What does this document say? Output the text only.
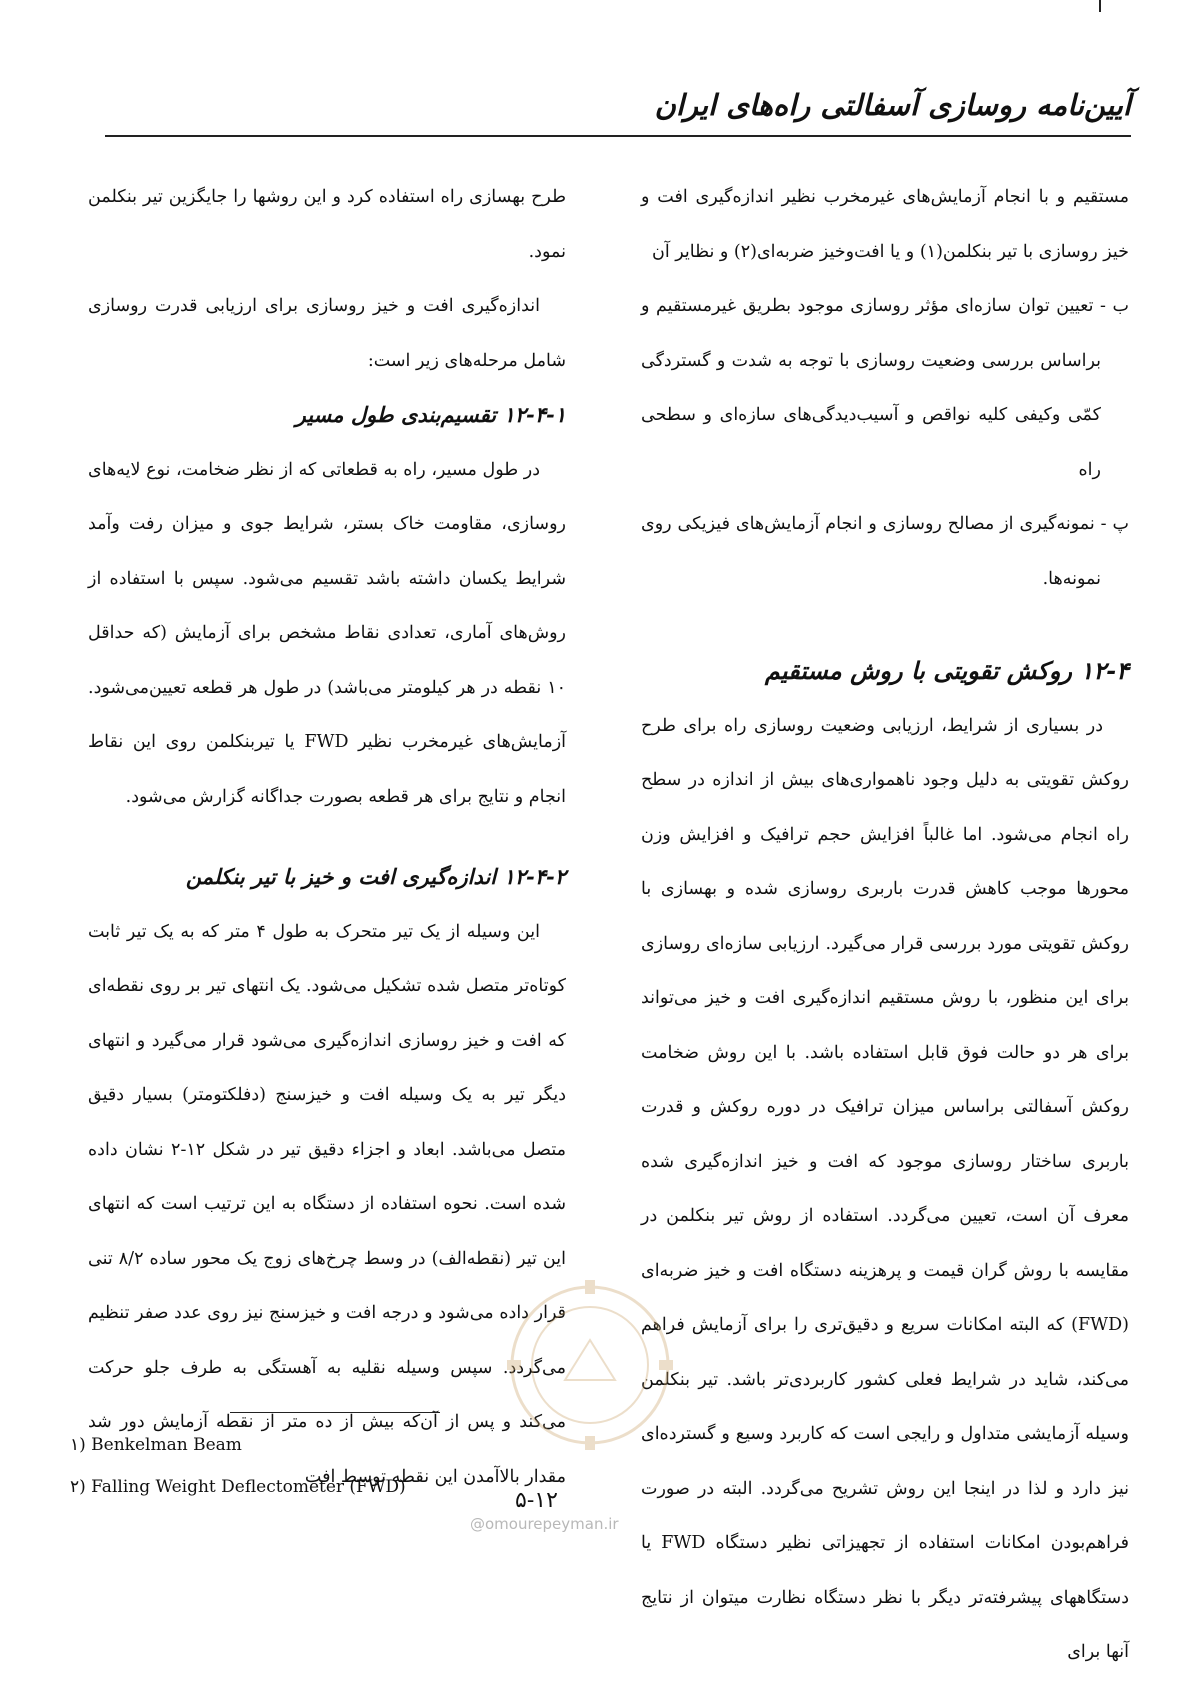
آیین‌نامه روسازی آسفالتی راه‌های ایران

مستقیم و با انجام آزمایش‌های غیرمخرب نظیر اندازه‌گیری افت و خیز روسازی با تیر بنکلمن(۱) و یا افت‌وخیز ضربه‌ای(۲) و نظایر آن

ب - تعیین توان سازه‌ای مؤثر روسازی موجود بطریق غیرمستقیم و براساس بررسی وضعیت روسازی با توجه به شدت و گستردگی کمّی وکیفی کلیه نواقص و آسیب‌دیدگی‌های سازه‌ای و سطحی راه

پ - نمونه‌گیری از مصالح روسازی و انجام آزمایش‌های فیزیکی روی نمونه‌ها.

۱۲-۴ روکش تقویتی با روش مستقیم

در بسیاری از شرایط، ارزیابی وضعیت روسازی راه برای طرح روکش تقویتی به دلیل وجود ناهمواری‌های بیش از اندازه در سطح راه انجام می‌شود. اما غالباً افزایش حجم ترافیک و افزایش وزن محورها موجب کاهش قدرت باربری روسازی شده و بهسازی با روکش تقویتی مورد بررسی قرار می‌گیرد. ارزیابی سازه‌ای روسازی برای این منظور، با روش مستقیم اندازه‌گیری افت و خیز می‌تواند برای هر دو حالت فوق قابل استفاده باشد. با این روش ضخامت روکش آسفالتی براساس میزان ترافیک در دوره روکش و قدرت باربری ساختار روسازی موجود که افت و خیز اندازه‌گیری شده معرف آن است، تعیین می‌گردد. استفاده از روش تیر بنکلمن در مقایسه با روش گران قیمت و پرهزینه دستگاه افت و خیز ضربه‌ای (FWD) که البته امکانات سریع و دقیق‌تری را برای آزمایش فراهم می‌کند، شاید در شرایط فعلی کشور کاربردی‌تر باشد. تیر بنکلمن وسیله آزمایشی متداول و رایجی است که کاربرد وسیع و گسترده‌ای نیز دارد و لذا در اینجا این روش تشریح می‌گردد. البته در صورت فراهم‌بودن امکانات استفاده از تجهیزاتی نظیر دستگاه FWD یا دستگاههای پیشرفته‌تر دیگر با نظر دستگاه نظارت میتوان از نتایج آنها برای

طرح بهسازی راه استفاده کرد و این روشها را جایگزین تیر بنکلمن نمود.

اندازه‌گیری افت و خیز روسازی برای ارزیابی قدرت روسازی شامل مرحله‌های زیر است:

۱۲-۴-۱ تقسیم‌بندی طول مسیر

در طول مسیر، راه به قطعاتی که از نظر ضخامت، نوع لایه‌های روسازی، مقاومت خاک بستر، شرایط جوی و میزان رفت وآمد شرایط یکسان داشته باشد تقسیم می‌شود. سپس با استفاده از روش‌های آماری، تعدادی نقاط مشخص برای آزمایش (که حداقل ۱۰ نقطه در هر کیلومتر می‌باشد) در طول هر قطعه تعیین‌می‌شود. آزمایش‌های غیرمخرب نظیر FWD یا تیربنکلمن روی این نقاط انجام و نتایج برای هر قطعه بصورت جداگانه گزارش می‌شود.

۱۲-۴-۲ اندازه‌گیری افت و خیز با تیر بنکلمن

این وسیله از یک تیر متحرک به طول ۴ متر که به یک تیر ثابت کوتاه‌تر متصل شده تشکیل می‌شود. یک انتهای تیر بر روی نقطه‌ای که افت و خیز روسازی اندازه‌گیری می‌شود قرار می‌گیرد و انتهای دیگر تیر به یک وسیله افت و خیزسنج (دفلکتومتر) بسیار دقیق متصل می‌باشد. ابعاد و اجزاء دقیق تیر در شکل ۱۲-۲ نشان داده شده است. نحوه استفاده از دستگاه به این ترتیب است که انتهای این تیر (نقطه‌الف) در وسط چرخ‌های زوج یک محور ساده ۸/۲ تنی قرار داده می‌شود و درجه افت و خیزسنج نیز روی عدد صفر تنظیم می‌گردد. سپس وسیله نقلیه به آهستگی به طرف جلو حرکت می‌کند و پس از آن‌که بیش از ده متر از نقطه آزمایش دور شد مقدار بالاآمدن این نقطه توسط افت

۱) Benkelman Beam

۲) Falling Weight Deflectometer (FWD)

۵-۱۲
@omourepeyman.ir
